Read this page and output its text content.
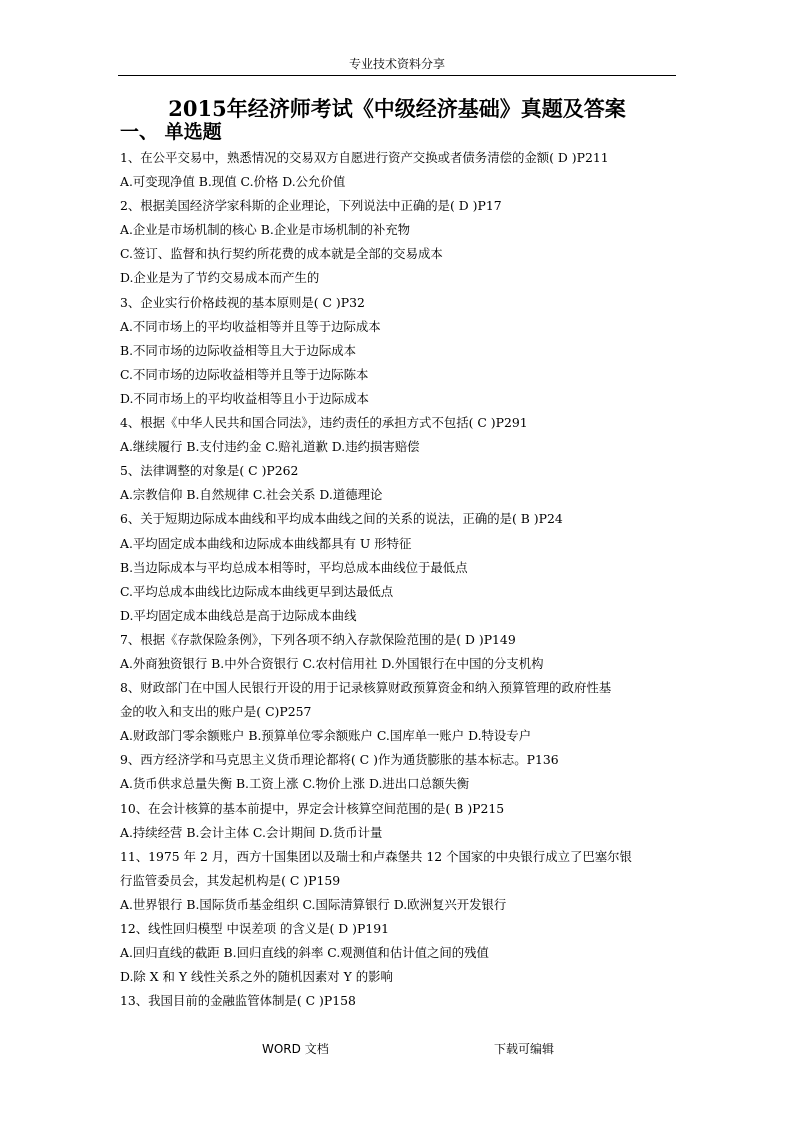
专业技术资料分享
2015年经济师考试《中级经济基础》真题及答案
一、 单选题
1、在公平交易中，熟悉情况的交易双方自愿进行资产交换或者债务清偿的金额( D )P211
A.可变现净值 B.现值 C.价格 D.公允价值
2、根据美国经济学家科斯的企业理论，下列说法中正确的是( D )P17
A.企业是市场机制的核心 B.企业是市场机制的补充物
C.签订、监督和执行契约所花费的成本就是全部的交易成本
D.企业是为了节约交易成本而产生的
3、企业实行价格歧视的基本原则是( C )P32
A.不同市场上的平均收益相等并且等于边际成本
B.不同市场的边际收益相等且大于边际成本
C.不同市场的边际收益相等并且等于边际陈本
D.不同市场上的平均收益相等且小于边际成本
4、根据《中华人民共和国合同法》，违约责任的承担方式不包括( C )P291
A.继续履行 B.支付违约金 C.赔礼道歉 D.违约损害赔偿
5、法律调整的对象是( C )P262
A.宗教信仰 B.自然规律 C.社会关系 D.道德理论
6、关于短期边际成本曲线和平均成本曲线之间的关系的说法，正确的是( B )P24
A.平均固定成本曲线和边际成本曲线都具有 U 形特征
B.当边际成本与平均总成本相等时，平均总成本曲线位于最低点
C.平均总成本曲线比边际成本曲线更早到达最低点
D.平均固定成本曲线总是高于边际成本曲线
7、根据《存款保险条例》，下列各项不纳入存款保险范围的是( D )P149
A.外商独资银行 B.中外合资银行 C.农村信用社 D.外国银行在中国的分支机构
8、财政部门在中国人民银行开设的用于记录核算财政预算资金和纳入预算管理的政府性基
金的收入和支出的账户是( C)P257
A.财政部门零余额账户 B.预算单位零余额账户 C.国库单一账户 D.特设专户
9、西方经济学和马克思主义货币理论都将( C )作为通货膨胀的基本标志。P136
A.货币供求总量失衡 B.工资上涨 C.物价上涨 D.进出口总额失衡
10、在会计核算的基本前提中，界定会计核算空间范围的是( B )P215
A.持续经营 B.会计主体 C.会计期间 D.货币计量
11、1975 年 2 月，西方十国集团以及瑞士和卢森堡共 12 个国家的中央银行成立了巴塞尔银
行监管委员会，其发起机构是( C )P159
A.世界银行 B.国际货币基金组织 C.国际清算银行 D.欧洲复兴开发银行
12、线性回归模型 中误差项 的含义是( D )P191
A.回归直线的截距 B.回归直线的斜率 C.观测值和估计值之间的残值
D.除 X 和 Y 线性关系之外的随机因素对 Y 的影响
13、我国目前的金融监管体制是( C )P158
WORD 文档	下载可编辑
